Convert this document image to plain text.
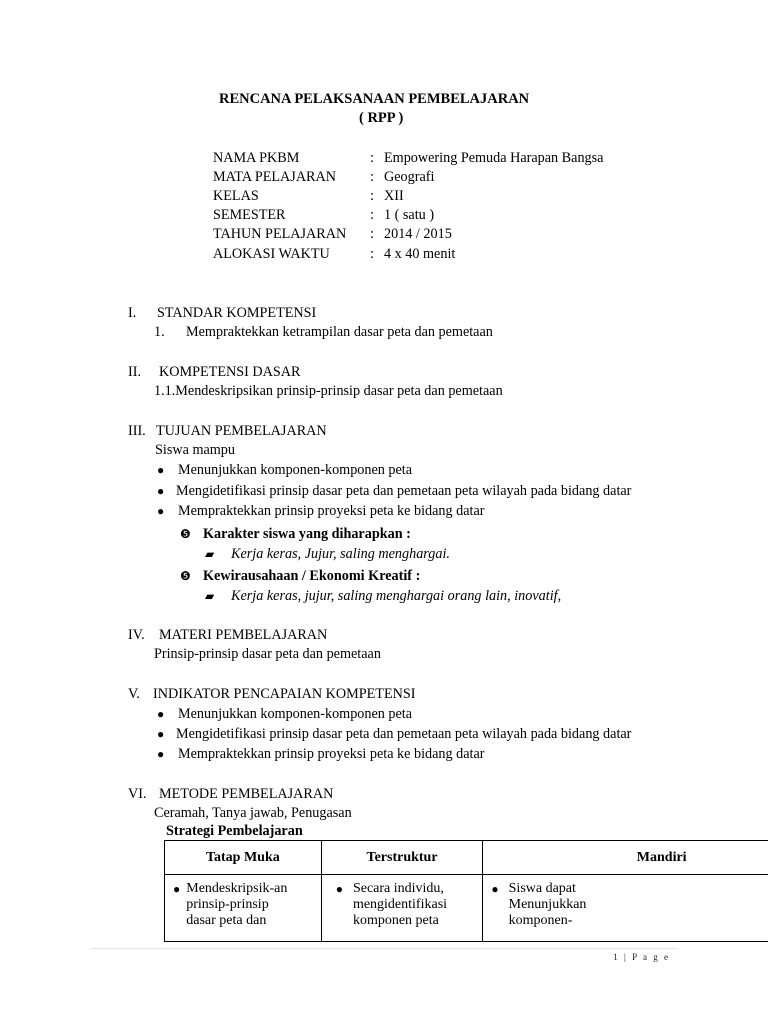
RENCANA PELAKSANAAN PEMBELAJARAN
( RPP )
NAMA PKBM	: Empowering Pemuda Harapan Bangsa
MATA PELAJARAN : Geografi
KELAS	: XII
SEMESTER	: 1 ( satu )
TAHUN PELAJARAN : 2014 / 2015
ALOKASI WAKTU	: 4 x 40 menit
I. STANDAR KOMPETENSI
1. Mempraktekkan ketrampilan dasar peta dan pemetaan
II. KOMPETENSI DASAR
1.1.Mendeskripsikan prinsip-prinsip dasar peta dan pemetaan
III. TUJUAN PEMBELAJARAN
Siswa mampu
● Menunjukkan komponen-komponen peta
● Mengidetifikasi prinsip dasar peta dan pemetaan peta wilayah pada bidang datar
● Mempraktekkan prinsip proyeksi peta ke bidang datar
❺ Karakter siswa yang diharapkan :
▰ Kerja keras, Jujur, saling menghargai.
❺ Kewirausahaan / Ekonomi Kreatif :
▰ Kerja keras, jujur, saling menghargai orang lain, inovatif,
IV. MATERI PEMBELAJARAN
Prinsip-prinsip dasar peta dan pemetaan
V. INDIKATOR PENCAPAIAN KOMPETENSI
● Menunjukkan komponen-komponen peta
● Mengidetifikasi prinsip dasar peta dan pemetaan peta wilayah pada bidang datar
● Mempraktekkan prinsip proyeksi peta ke bidang datar
VI. METODE PEMBELAJARAN
Ceramah, Tanya jawab, Penugasan
Strategi Pembelajaran
Tatap Muka	Terstruktur	Mandiri

● Mendeskripsik-an prinsip-prinsip dasar peta dan	● Secara individu, mengidentifikasi komponen peta	● Siswa dapat Menunjukkan komponen-
1 | P a g e
